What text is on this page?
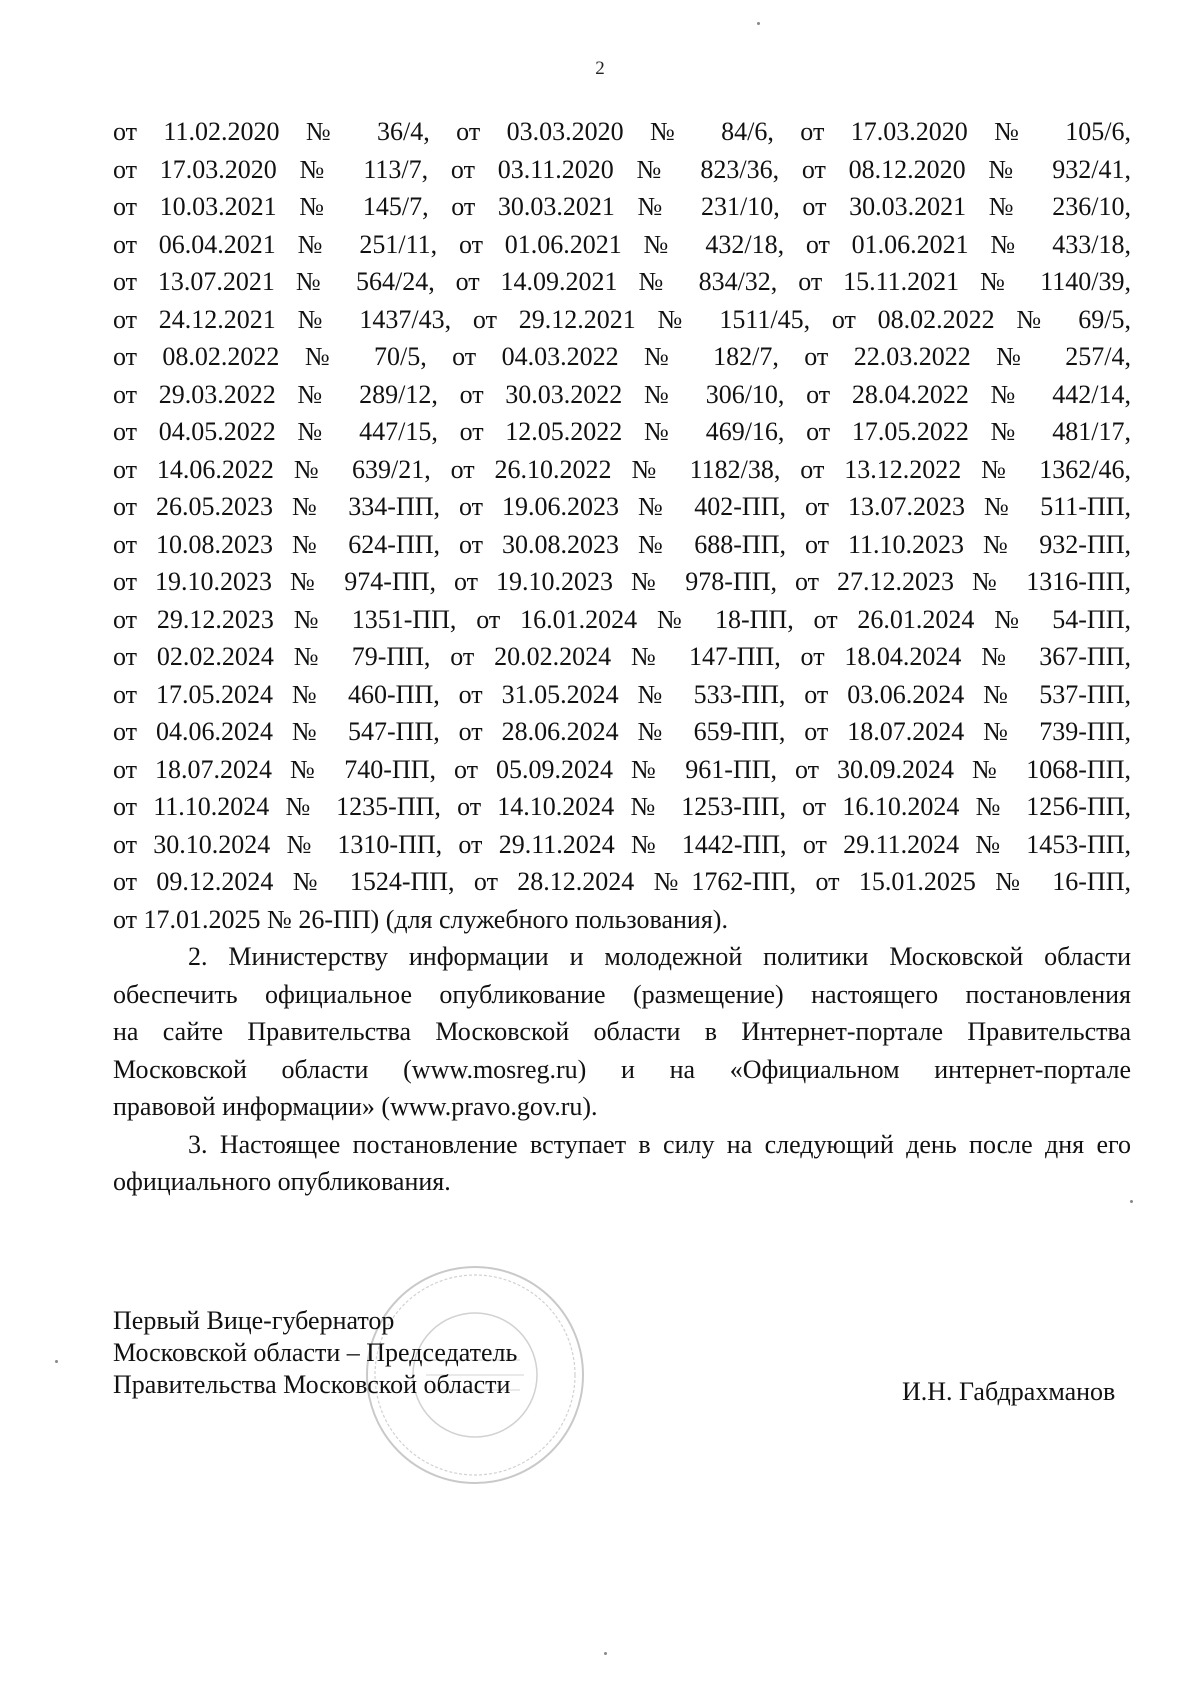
2
от 11.02.2020 № 36/4, от 03.03.2020 № 84/6, от 17.03.2020 № 105/6,
от 17.03.2020 № 113/7, от 03.11.2020 № 823/36, от 08.12.2020 № 932/41,
от 10.03.2021 № 145/7, от 30.03.2021 № 231/10, от 30.03.2021 № 236/10,
от 06.04.2021 № 251/11, от 01.06.2021 № 432/18, от 01.06.2021 № 433/18,
от 13.07.2021 № 564/24, от 14.09.2021 № 834/32, от 15.11.2021 № 1140/39,
от 24.12.2021 № 1437/43, от 29.12.2021 № 1511/45, от 08.02.2022 № 69/5,
от 08.02.2022 № 70/5, от 04.03.2022 № 182/7, от 22.03.2022 № 257/4,
от 29.03.2022 № 289/12, от 30.03.2022 № 306/10, от 28.04.2022 № 442/14,
от 04.05.2022 № 447/15, от 12.05.2022 № 469/16, от 17.05.2022 № 481/17,
от 14.06.2022 № 639/21, от 26.10.2022 № 1182/38, от 13.12.2022 № 1362/46,
от 26.05.2023 № 334-ПП, от 19.06.2023 № 402-ПП, от 13.07.2023 № 511-ПП,
от 10.08.2023 № 624-ПП, от 30.08.2023 № 688-ПП, от 11.10.2023 № 932-ПП,
от 19.10.2023 № 974-ПП, от 19.10.2023 № 978-ПП, от 27.12.2023 № 1316-ПП,
от 29.12.2023 № 1351-ПП, от 16.01.2024 № 18-ПП, от 26.01.2024 № 54-ПП,
от 02.02.2024 № 79-ПП, от 20.02.2024 № 147-ПП, от 18.04.2024 № 367-ПП,
от 17.05.2024 № 460-ПП, от 31.05.2024 № 533-ПП, от 03.06.2024 № 537-ПП,
от 04.06.2024 № 547-ПП, от 28.06.2024 № 659-ПП, от 18.07.2024 № 739-ПП,
от 18.07.2024 № 740-ПП, от 05.09.2024 № 961-ПП, от 30.09.2024 № 1068-ПП,
от 11.10.2024 № 1235-ПП, от 14.10.2024 № 1253-ПП, от 16.10.2024 № 1256-ПП,
от 30.10.2024 № 1310-ПП, от 29.11.2024 № 1442-ПП, от 29.11.2024 № 1453-ПП,
от 09.12.2024 № 1524-ПП, от 28.12.2024 №1762-ПП, от 15.01.2025 № 16-ПП,
от 17.01.2025 № 26-ПП) (для служебного пользования).
2. Министерству информации и молодежной политики Московской области
обеспечить официальное опубликование (размещение) настоящего постановления
на сайте Правительства Московской области в Интернет-портале Правительства
Московской области (www.mosreg.ru) и на «Официальном интернет-портале
правовой информации» (www.pravo.gov.ru).
3. Настоящее постановление вступает в силу на следующий день после дня его
официального опубликования.
Первый Вице-губернатор
Московской области – Председатель
Правительства Московской области	И.Н. Габдрахманов
